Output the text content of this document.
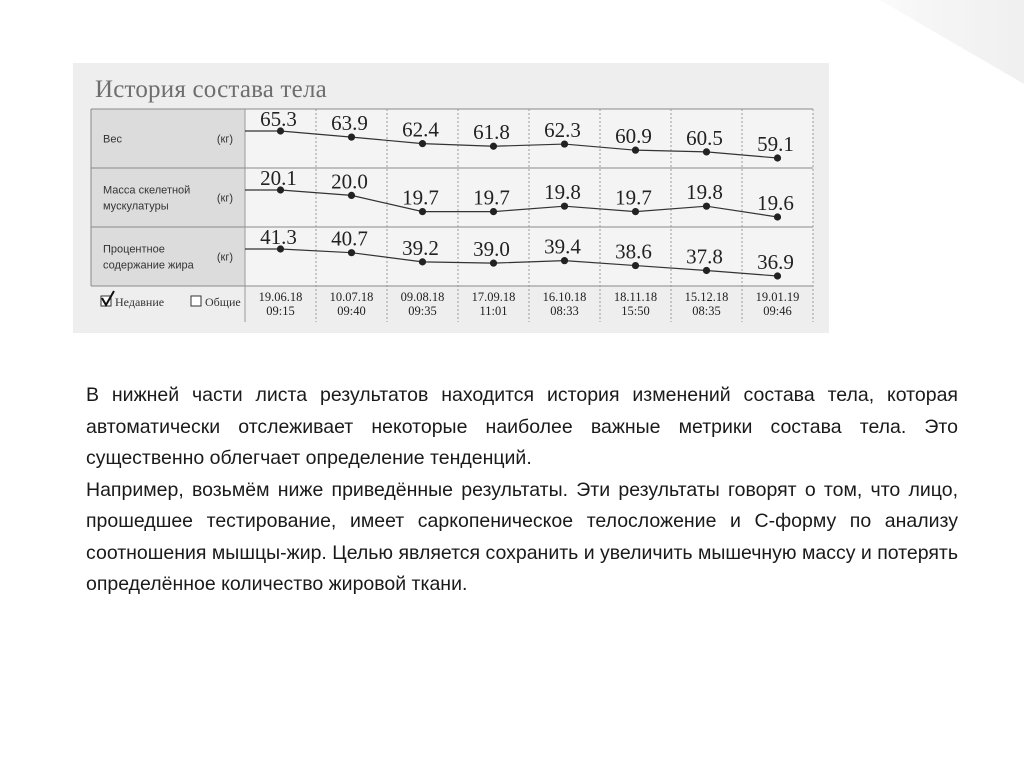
История состава тела
Вес	(кг)
65.3 63.9 62.4 61.8 62.3 60.9 60.5 59.1
Масса скелетной
мускулатуры
(кг)
20.1 20.0
19.7 19.7 19.8 19.7 19.8 19.6
Процентное
содержание жира
(кг)
41.3 40.7 39.2 39.0 39.4 38.6 37.8 36.9
19.06.18
09:15
10.07.18
09:40
09.08.18
09:35
17.09.18
11:01
16.10.18
08:33
18.11.18
15:50
15.12.18
08:35
19.01.19
09:46
Недавние	Общие

В нижней части листа результатов находится история изменений состава тела, которая автоматически отслеживает некоторые наиболее важные метрики состава тела. Это существенно облегчает определение тенденций.

Например, возьмём ниже приведённые результаты. Эти результаты говорят о том, что лицо, прошедшее тестирование, имеет саркопеническое телосложение и С-форму по анализу соотношения мышцы-жир. Целью является сохранить и увеличить мышечную массу и потерять определённое количество жировой ткани.
